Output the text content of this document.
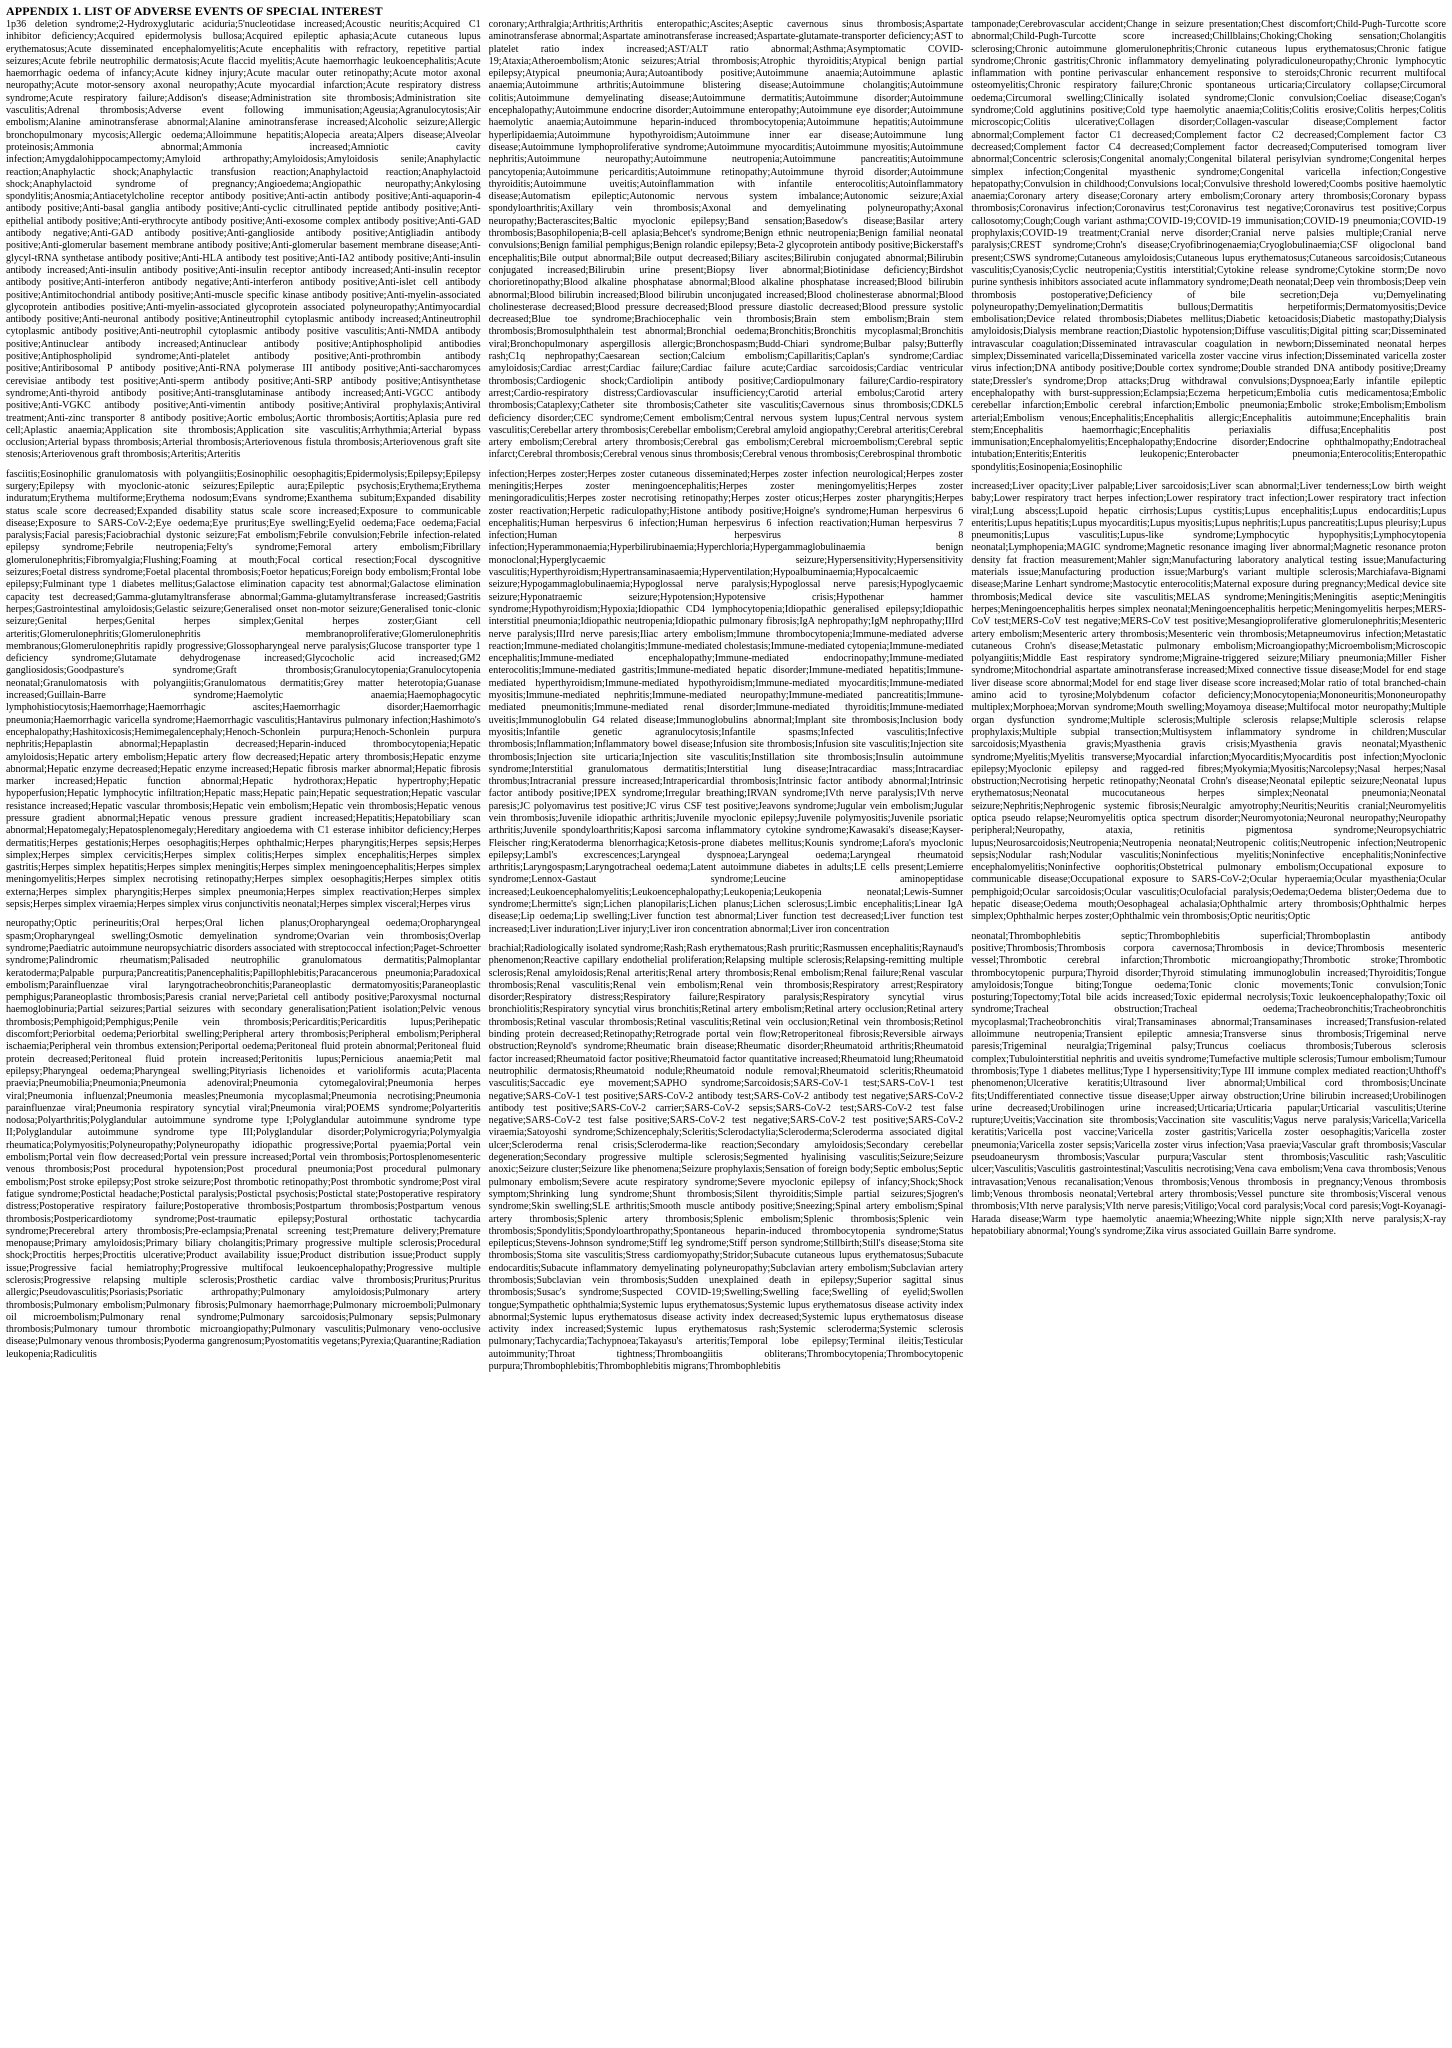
APPENDIX 1. LIST OF ADVERSE EVENTS OF SPECIAL INTEREST

1p36 deletion syndrome;2-Hydroxyglutaric aciduria;5'nucleotidase increased;Acoustic neuritis;Acquired C1 inhibitor deficiency;Acquired epidermolysis bullosa;Acquired epileptic aphasia;Acute cutaneous lupus erythematosus;Acute disseminated encephalomyelitis;Acute encephalitis with refractory, repetitive partial seizures;Acute febrile neutrophilic dermatosis;Acute flaccid myelitis;Acute haemorrhagic leukoencephalitis;Acute haemorrhagic oedema of infancy;Acute kidney injury;Acute macular outer retinopathy;Acute motor axonal neuropathy;Acute motor-sensory axonal neuropathy;Acute myocardial infarction;Acute respiratory distress syndrome;Acute respiratory failure;Addison's disease;Administration site thrombosis;Administration site vasculitis;Adrenal thrombosis;Adverse event following immunisation;Ageusia;Agranulocytosis;Air embolism;Alanine aminotransferase abnormal;Alanine aminotransferase increased;Alcoholic seizure;Allergic bronchopulmonary mycosis;Allergic oedema;Alloimmune hepatitis;Alopecia areata;Alpers disease;Alveolar proteinosis;Ammonia abnormal;Ammonia increased;Amniotic cavity infection;Amygdalohippocampectomy;Amyloid arthropathy;Amyloidosis;Amyloidosis senile;Anaphylactic reaction;Anaphylactic shock;Anaphylactic transfusion reaction;Anaphylactoid reaction;Anaphylactoid shock;Anaphylactoid syndrome of pregnancy;Angioedema;Angiopathic neuropathy;Ankylosing spondylitis;Anosmia;Antiacetylcholine receptor antibody positive;Anti-actin antibody positive;Anti-aquaporin-4 antibody positive;Anti-basal ganglia antibody positive;Anti-cyclic citrullinated peptide antibody positive;Anti-epithelial antibody positive;Anti-erythrocyte antibody positive;Anti-exosome complex antibody positive;Anti-GAD antibody negative;Anti-GAD antibody positive;Anti-ganglioside antibody positive;Antigliadin antibody positive;Anti-glomerular basement membrane antibody positive;Anti-glomerular basement membrane disease;Anti-glycyl-tRNA synthetase antibody positive;Anti-HLA antibody test positive;Anti-IA2 antibody positive;Anti-insulin antibody increased;Anti-insulin antibody positive;Anti-insulin receptor antibody increased;Anti-insulin receptor antibody positive;Anti-interferon antibody negative;Anti-interferon antibody positive;Anti-islet cell antibody positive;Antimitochondrial antibody positive;Anti-muscle specific kinase antibody positive;Anti-myelin-associated glycoprotein antibodies positive;Anti-myelin-associated glycoprotein associated polyneuropathy;Antimyocardial antibody positive;Anti-neuronal antibody positive;Antineutrophil cytoplasmic antibody increased;Antineutrophil cytoplasmic antibody positive;Anti-neutrophil cytoplasmic antibody positive vasculitis;Anti-NMDA antibody positive;Antinuclear antibody increased;Antinuclear antibody positive;Antiphospholipid antibodies positive;Antiphospholipid syndrome;Anti-platelet antibody positive;Anti-prothrombin antibody positive;Antiribosomal P antibody positive;Anti-RNA polymerase III antibody positive;Anti-saccharomyces cerevisiae antibody test positive;Anti-sperm antibody positive;Anti-SRP antibody positive;Antisynthetase syndrome;Anti-thyroid antibody positive;Anti-transglutaminase antibody increased;Anti-VGCC antibody positive;Anti-VGKC antibody positive;Anti-vimentin antibody positive;Antiviral prophylaxis;Antiviral treatment;Anti-zinc transporter 8 antibody positive;Aortic embolus;Aortic thrombosis;Aortitis;Aplasia pure red cell;Aplastic anaemia;Application site thrombosis;Application site vasculitis;Arrhythmia;Arterial bypass occlusion;Arterial bypass thrombosis;Arterial thrombosis;Arteriovenous fistula thrombosis;Arteriovenous graft site stenosis;Arteriovenous graft thrombosis;Arteritis;Arteritis

fasciitis;Eosinophilic granulomatosis with polyangiitis;Eosinophilic oesophagitis;Epidermolysis;Epilepsy;Epilepsy surgery;Epilepsy with myoclonic-atonic seizures;Epileptic aura;Epileptic psychosis;Erythema;Erythema induratum;Erythema multiforme;Erythema nodosum;Evans syndrome;Exanthema subitum;Expanded disability status scale score decreased;Expanded disability status scale score increased;Exposure to communicable disease;Exposure to SARS-CoV-2;Eye oedema;Eye pruritus;Eye swelling;Eyelid oedema;Face oedema;Facial paralysis;Facial paresis;Faciobrachial dystonic seizure;Fat embolism;Febrile convulsion;Febrile infection-related epilepsy syndrome;Febrile neutropenia;Felty's syndrome;Femoral artery embolism;Fibrillary glomerulonephritis;Fibromyalgia;Flushing;Foaming at mouth;Focal cortical resection;Focal dyscognitive seizures;Foetal distress syndrome;Foetal placental thrombosis;Foetor hepaticus;Foreign body embolism;Frontal lobe epilepsy;Fulminant type 1 diabetes mellitus;Galactose elimination capacity test abnormal;Galactose elimination capacity test decreased;Gamma-glutamyltransferase abnormal;Gamma-glutamyltransferase increased;Gastritis herpes;Gastrointestinal amyloidosis;Gelastic seizure;Generalised onset non-motor seizure;Generalised tonic-clonic seizure;Genital herpes;Genital herpes simplex;Genital herpes zoster;Giant cell arteritis;Glomerulonephritis;Glomerulonephritis membranoproliferative;Glomerulonephritis membranous;Glomerulonephritis rapidly progressive;Glossopharyngeal nerve paralysis;Glucose transporter type 1 deficiency syndrome;Glutamate dehydrogenase increased;Glycocholic acid increased;GM2 gangliosidosis;Goodpasture's syndrome;Graft thrombosis;Granulocytopenia;Granulocytopenia neonatal;Granulomatosis with polyangiitis;Granulomatous dermatitis;Grey matter heterotopia;Guanase increased;Guillain-Barre syndrome;Haemolytic anaemia;Haemophagocytic lymphohistiocytosis;Haemorrhage;Haemorrhagic ascites;Haemorrhagic disorder;Haemorrhagic pneumonia;Haemorrhagic varicella syndrome;Haemorrhagic vasculitis;Hantavirus pulmonary infection;Hashimoto's encephalopathy;Hashitoxicosis;Hemimegalencephaly;Henoch-Schonlein purpura;Henoch-Schonlein purpura nephritis;Hepaplastin abnormal;Hepaplastin decreased;Heparin-induced thrombocytopenia;Hepatic amyloidosis;Hepatic artery embolism;Hepatic artery flow decreased;Hepatic artery thrombosis;Hepatic enzyme abnormal;Hepatic enzyme decreased;Hepatic enzyme increased;Hepatic fibrosis marker abnormal;Hepatic fibrosis marker increased;Hepatic function abnormal;Hepatic hydrothorax;Hepatic hypertrophy;Hepatic hypoperfusion;Hepatic lymphocytic infiltration;Hepatic mass;Hepatic pain;Hepatic sequestration;Hepatic vascular resistance increased;Hepatic vascular thrombosis;Hepatic vein embolism;Hepatic vein thrombosis;Hepatic venous pressure gradient abnormal;Hepatic venous pressure gradient increased;Hepatitis;Hepatobiliary scan abnormal;Hepatomegaly;Hepatosplenomegaly;Hereditary angioedema with C1 esterase inhibitor deficiency;Herpes dermatitis;Herpes gestationis;Herpes oesophagitis;Herpes ophthalmic;Herpes pharyngitis;Herpes sepsis;Herpes simplex;Herpes simplex cervicitis;Herpes simplex colitis;Herpes simplex encephalitis;Herpes simplex gastritis;Herpes simplex hepatitis;Herpes simplex meningitis;Herpes simplex meningoencephalitis;Herpes simplex meningomyelitis;Herpes simplex necrotising retinopathy;Herpes simplex oesophagitis;Herpes simplex otitis externa;Herpes simplex pharyngitis;Herpes simplex pneumonia;Herpes simplex reactivation;Herpes simplex sepsis;Herpes simplex viraemia;Herpes simplex virus conjunctivitis neonatal;Herpes simplex visceral;Herpes virus

neuropathy;Optic perineuritis;Oral herpes;Oral lichen planus;Oropharyngeal oedema;Oropharyngeal spasm;Oropharyngeal swelling;Osmotic demyelination syndrome;Ovarian vein thrombosis;Overlap syndrome;Paediatric autoimmune neuropsychiatric disorders associated with streptococcal infection;Paget-Schroetter syndrome;Palindromic rheumatism;Palisaded neutrophilic granulomatous dermatitis;Palmoplantar keratoderma;Palpable purpura;Pancreatitis;Panencephalitis;Papillophlebitis;Paracancerous pneumonia;Paradoxical embolism;Parainfluenzae viral laryngotracheobronchitis;Paraneoplastic dermatomyositis;Paraneoplastic pemphigus;Paraneoplastic thrombosis;Paresis cranial nerve;Parietal cell antibody positive;Paroxysmal nocturnal haemoglobinuria;Partial seizures;Partial seizures with secondary generalisation;Patient isolation;Pelvic venous thrombosis;Pemphigoid;Pemphigus;Penile vein thrombosis;Pericarditis;Pericarditis lupus;Perihepatic discomfort;Periorbital oedema;Periorbital swelling;Peripheral artery thrombosis;Peripheral embolism;Peripheral ischaemia;Peripheral vein thrombus extension;Periportal oedema;Peritoneal fluid protein abnormal;Peritoneal fluid protein decreased;Peritoneal fluid protein increased;Peritonitis lupus;Pernicious anaemia;Petit mal epilepsy;Pharyngeal oedema;Pharyngeal swelling;Pityriasis lichenoides et varioliformis acuta;Placenta praevia;Pneumobilia;Pneumonia;Pneumonia adenoviral;Pneumonia cytomegaloviral;Pneumonia herpes viral;Pneumonia influenzal;Pneumonia measles;Pneumonia mycoplasmal;Pneumonia necrotising;Pneumonia parainfluenzae viral;Pneumonia respiratory syncytial viral;Pneumonia viral;POEMS syndrome;Polyarteritis nodosa;Polyarthritis;Polyglandular autoimmune syndrome type I;Polyglandular autoimmune syndrome type II;Polyglandular autoimmune syndrome type III;Polyglandular disorder;Polymicrogyria;Polymyalgia rheumatica;Polymyositis;Polyneuropathy;Polyneuropathy idiopathic progressive;Portal pyaemia;Portal vein embolism;Portal vein flow decreased;Portal vein pressure increased;Portal vein thrombosis;Portosplenomesenteric venous thrombosis;Post procedural hypotension;Post procedural pneumonia;Post procedural pulmonary embolism;Post stroke epilepsy;Post stroke seizure;Post thrombotic retinopathy;Post thrombotic syndrome;Post viral fatigue syndrome;Postictal headache;Postictal paralysis;Postictal psychosis;Postictal state;Postoperative respiratory distress;Postoperative respiratory failure;Postoperative thrombosis;Postpartum thrombosis;Postpartum venous thrombosis;Postpericardiotomy syndrome;Post-traumatic epilepsy;Postural orthostatic tachycardia syndrome;Precerebral artery thrombosis;Pre-eclampsia;Prenatal screening test;Premature delivery;Premature menopause;Primary amyloidosis;Primary biliary cholangitis;Primary progressive multiple sclerosis;Procedural shock;Proctitis herpes;Proctitis ulcerative;Product availability issue;Product distribution issue;Product supply issue;Progressive facial hemiatrophy;Progressive multifocal leukoencephalopathy;Progressive multiple sclerosis;Progressive relapsing multiple sclerosis;Prosthetic cardiac valve thrombosis;Pruritus;Pruritus allergic;Pseudovasculitis;Psoriasis;Psoriatic arthropathy;Pulmonary amyloidosis;Pulmonary artery thrombosis;Pulmonary embolism;Pulmonary fibrosis;Pulmonary haemorrhage;Pulmonary microemboli;Pulmonary oil microembolism;Pulmonary renal syndrome;Pulmonary sarcoidosis;Pulmonary sepsis;Pulmonary thrombosis;Pulmonary tumour thrombotic microangiopathy;Pulmonary vasculitis;Pulmonary veno-occlusive disease;Pulmonary venous thrombosis;Pyoderma gangrenosum;Pyostomatitis vegetans;Pyrexia;Quarantine;Radiation leukopenia;Radiculitis

coronary;Arthralgia;Arthritis;Arthritis enteropathic;Ascites;Aseptic cavernous sinus thrombosis;Aspartate aminotransferase abnormal;Aspartate aminotransferase increased;Aspartate-glutamate-transporter deficiency;AST to platelet ratio index increased;AST/ALT ratio abnormal;Asthma;Asymptomatic COVID-19;Ataxia;Atheroembolism;Atonic seizures;Atrial thrombosis;Atrophic thyroiditis;Atypical benign partial epilepsy;Atypical pneumonia;Aura;Autoantibody positive;Autoimmune anaemia;Autoimmune aplastic anaemia;Autoimmune arthritis;Autoimmune blistering disease;Autoimmune cholangitis;Autoimmune colitis;Autoimmune demyelinating disease;Autoimmune dermatitis;Autoimmune disorder;Autoimmune encephalopathy;Autoimmune endocrine disorder;Autoimmune enteropathy;Autoimmune eye disorder;Autoimmune haemolytic anaemia;Autoimmune heparin-induced thrombocytopenia;Autoimmune hepatitis;Autoimmune hyperlipidaemia;Autoimmune hypothyroidism;Autoimmune inner ear disease;Autoimmune lung disease;Autoimmune lymphoproliferative syndrome;Autoimmune myocarditis;Autoimmune myositis;Autoimmune nephritis;Autoimmune neuropathy;Autoimmune neutropenia;Autoimmune pancreatitis;Autoimmune pancytopenia;Autoimmune pericarditis;Autoimmune retinopathy;Autoimmune thyroid disorder;Autoimmune thyroiditis;Autoimmune uveitis;Autoinflammation with infantile enterocolitis;Autoinflammatory disease;Automatism epileptic;Autonomic nervous system imbalance;Autonomic seizure;Axial spondyloarthritis;Axillary vein thrombosis;Axonal and demyelinating polyneuropathy;Axonal neuropathy;Bacterascites;Baltic myoclonic epilepsy;Band sensation;Basedow's disease;Basilar artery thrombosis;Basophilopenia;B-cell aplasia;Behcet's syndrome;Benign ethnic neutropenia;Benign familial neonatal convulsions;Benign familial pemphigus;Benign rolandic epilepsy;Beta-2 glycoprotein antibody positive;Bickerstaff's encephalitis;Bile output abnormal;Bile output decreased;Biliary ascites;Bilirubin conjugated abnormal;Bilirubin conjugated increased;Bilirubin urine present;Biopsy liver abnormal;Biotinidase deficiency;Birdshot chorioretinopathy;Blood alkaline phosphatase abnormal;Blood alkaline phosphatase increased;Blood bilirubin abnormal;Blood bilirubin increased;Blood bilirubin unconjugated increased;Blood cholinesterase abnormal;Blood cholinesterase decreased;Blood pressure decreased;Blood pressure diastolic decreased;Blood pressure systolic decreased;Blue toe syndrome;Brachiocephalic vein thrombosis;Brain stem embolism;Brain stem thrombosis;Bromosulphthalein test abnormal;Bronchial oedema;Bronchitis;Bronchitis mycoplasmal;Bronchitis viral;Bronchopulmonary aspergillosis allergic;Bronchospasm;Budd-Chiari syndrome;Bulbar palsy;Butterfly rash;C1q nephropathy;Caesarean section;Calcium embolism;Capillaritis;Caplan's syndrome;Cardiac amyloidosis;Cardiac arrest;Cardiac failure;Cardiac failure acute;Cardiac sarcoidosis;Cardiac ventricular thrombosis;Cardiogenic shock;Cardiolipin antibody positive;Cardiopulmonary failure;Cardio-respiratory arrest;Cardio-respiratory distress;Cardiovascular insufficiency;Carotid arterial embolus;Carotid artery thrombosis;Cataplexy;Catheter site thrombosis;Catheter site vasculitis;Cavernous sinus thrombosis;CDKL5 deficiency disorder;CEC syndrome;Cement embolism;Central nervous system lupus;Central nervous system vasculitis;Cerebellar artery thrombosis;Cerebellar embolism;Cerebral amyloid angiopathy;Cerebral arteritis;Cerebral artery embolism;Cerebral artery thrombosis;Cerebral gas embolism;Cerebral microembolism;Cerebral septic infarct;Cerebral thrombosis;Cerebral venous sinus thrombosis;Cerebral venous thrombosis;Cerebrospinal thrombotic

infection;Herpes zoster;Herpes zoster cutaneous disseminated;Herpes zoster infection neurological;Herpes zoster meningitis;Herpes zoster meningoencephalitis;Herpes zoster meningomyelitis;Herpes zoster meningoradiculitis;Herpes zoster necrotising retinopathy;Herpes zoster oticus;Herpes zoster pharyngitis;Herpes zoster reactivation;Herpetic radiculopathy;Histone antibody positive;Hoigne's syndrome;Human herpesvirus 6 encephalitis;Human herpesvirus 6 infection;Human herpesvirus 6 infection reactivation;Human herpesvirus 7 infection;Human herpesvirus 8 infection;Hyperammonaemia;Hyperbilirubinaemia;Hyperchloria;Hypergammaglobulinaemia benign monoclonal;Hyperglycaemic seizure;Hypersensitivity;Hypersensitivity vasculitis;Hyperthyroidism;Hypertransaminasaemia;Hyperventilation;Hypoalbuminaemia;Hypocalcaemic seizure;Hypogammaglobulinaemia;Hypoglossal nerve paralysis;Hypoglossal nerve paresis;Hypoglycaemic seizure;Hyponatraemic seizure;Hypotension;Hypotensive crisis;Hypothenar hammer syndrome;Hypothyroidism;Hypoxia;Idiopathic CD4 lymphocytopenia;Idiopathic generalised epilepsy;Idiopathic interstitial pneumonia;Idiopathic neutropenia;Idiopathic pulmonary fibrosis;IgA nephropathy;IgM nephropathy;IIIrd nerve paralysis;IIIrd nerve paresis;Iliac artery embolism;Immune thrombocytopenia;Immune-mediated adverse reaction;Immune-mediated cholangitis;Immune-mediated cholestasis;Immune-mediated cytopenia;Immune-mediated encephalitis;Immune-mediated encephalopathy;Immune-mediated endocrinopathy;Immune-mediated enterocolitis;Immune-mediated gastritis;Immune-mediated hepatic disorder;Immune-mediated hepatitis;Immune-mediated hyperthyroidism;Immune-mediated hypothyroidism;Immune-mediated myocarditis;Immune-mediated myositis;Immune-mediated nephritis;Immune-mediated neuropathy;Immune-mediated pancreatitis;Immune-mediated pneumonitis;Immune-mediated renal disorder;Immune-mediated thyroiditis;Immune-mediated uveitis;Immunoglobulin G4 related disease;Immunoglobulins abnormal;Implant site thrombosis;Inclusion body myositis;Infantile genetic agranulocytosis;Infantile spasms;Infected vasculitis;Infective thrombosis;Inflammation;Inflammatory bowel disease;Infusion site thrombosis;Infusion site vasculitis;Injection site thrombosis;Injection site urticaria;Injection site vasculitis;Instillation site thrombosis;Insulin autoimmune syndrome;Interstitial granulomatous dermatitis;Interstitial lung disease;Intracardiac mass;Intracardiac thrombus;Intracranial pressure increased;Intrapericardial thrombosis;Intrinsic factor antibody abnormal;Intrinsic factor antibody positive;IPEX syndrome;Irregular breathing;IRVAN syndrome;IVth nerve paralysis;IVth nerve paresis;JC polyomavirus test positive;JC virus CSF test positive;Jeavons syndrome;Jugular vein embolism;Jugular vein thrombosis;Juvenile idiopathic arthritis;Juvenile myoclonic epilepsy;Juvenile polymyositis;Juvenile psoriatic arthritis;Juvenile spondyloarthritis;Kaposi sarcoma inflammatory cytokine syndrome;Kawasaki's disease;Kayser-Fleischer ring;Keratoderma blenorrhagica;Ketosis-prone diabetes mellitus;Kounis syndrome;Lafora's myoclonic epilepsy;Lambl's excrescences;Laryngeal dyspnoea;Laryngeal oedema;Laryngeal rheumatoid arthritis;Laryngospasm;Laryngotracheal oedema;Latent autoimmune diabetes in adults;LE cells present;Lemierre syndrome;Lennox-Gastaut syndrome;Leucine aminopeptidase increased;Leukoencephalomyelitis;Leukoencephalopathy;Leukopenia;Leukopenia neonatal;Lewis-Sumner syndrome;Lhermitte's sign;Lichen planopilaris;Lichen planus;Lichen sclerosus;Limbic encephalitis;Linear IgA disease;Lip oedema;Lip swelling;Liver function test abnormal;Liver function test decreased;Liver function test increased;Liver induration;Liver injury;Liver iron concentration abnormal;Liver iron concentration

brachial;Radiologically isolated syndrome;Rash;Rash erythematous;Rash pruritic;Rasmussen encephalitis;Raynaud's phenomenon;Reactive capillary endothelial proliferation;Relapsing multiple sclerosis;Relapsing-remitting multiple sclerosis;Renal amyloidosis;Renal arteritis;Renal artery thrombosis;Renal embolism;Renal failure;Renal vascular thrombosis;Renal vasculitis;Renal vein embolism;Renal vein thrombosis;Respiratory arrest;Respiratory disorder;Respiratory distress;Respiratory failure;Respiratory paralysis;Respiratory syncytial virus bronchiolitis;Respiratory syncytial virus bronchitis;Retinal artery embolism;Retinal artery occlusion;Retinal artery thrombosis;Retinal vascular thrombosis;Retinal vasculitis;Retinal vein occlusion;Retinal vein thrombosis;Retinol binding protein decreased;Retinopathy;Retrograde portal vein flow;Retroperitoneal fibrosis;Reversible airways obstruction;Reynold's syndrome;Rheumatic brain disease;Rheumatic disorder;Rheumatoid arthritis;Rheumatoid factor increased;Rheumatoid factor positive;Rheumatoid factor quantitative increased;Rheumatoid lung;Rheumatoid neutrophilic dermatosis;Rheumatoid nodule;Rheumatoid nodule removal;Rheumatoid scleritis;Rheumatoid vasculitis;Saccadic eye movement;SAPHO syndrome;Sarcoidosis;SARS-CoV-1 test;SARS-CoV-1 test negative;SARS-CoV-1 test positive;SARS-CoV-2 antibody test;SARS-CoV-2 antibody test negative;SARS-CoV-2 antibody test positive;SARS-CoV-2 carrier;SARS-CoV-2 sepsis;SARS-CoV-2 test;SARS-CoV-2 test false negative;SARS-CoV-2 test false positive;SARS-CoV-2 test negative;SARS-CoV-2 test positive;SARS-CoV-2 viraemia;Satoyoshi syndrome;Schizencephaly;Scleritis;Sclerodactylia;Scleroderma;Scleroderma associated digital ulcer;Scleroderma renal crisis;Scleroderma-like reaction;Secondary amyloidosis;Secondary cerebellar degeneration;Secondary progressive multiple sclerosis;Segmented hyalinising vasculitis;Seizure;Seizure anoxic;Seizure cluster;Seizure like phenomena;Seizure prophylaxis;Sensation of foreign body;Septic embolus;Septic pulmonary embolism;Severe acute respiratory syndrome;Severe myoclonic epilepsy of infancy;Shock;Shock symptom;Shrinking lung syndrome;Shunt thrombosis;Silent thyroiditis;Simple partial seizures;Sjogren's syndrome;Skin swelling;SLE arthritis;Smooth muscle antibody positive;Sneezing;Spinal artery embolism;Spinal artery thrombosis;Splenic artery thrombosis;Splenic embolism;Splenic thrombosis;Splenic vein thrombosis;Spondylitis;Spondyloarthropathy;Spontaneous heparin-induced thrombocytopenia syndrome;Status epilepticus;Stevens-Johnson syndrome;Stiff leg syndrome;Stiff person syndrome;Stillbirth;Still's disease;Stoma site thrombosis;Stoma site vasculitis;Stress cardiomyopathy;Stridor;Subacute cutaneous lupus erythematosus;Subacute endocarditis;Subacute inflammatory demyelinating polyneuropathy;Subclavian artery embolism;Subclavian artery thrombosis;Subclavian vein thrombosis;Sudden unexplained death in epilepsy;Superior sagittal sinus thrombosis;Susac's syndrome;Suspected COVID-19;Swelling;Swelling face;Swelling of eyelid;Swollen tongue;Sympathetic ophthalmia;Systemic lupus erythematosus;Systemic lupus erythematosus disease activity index abnormal;Systemic lupus erythematosus disease activity index decreased;Systemic lupus erythematosus disease activity index increased;Systemic lupus erythematosus rash;Systemic scleroderma;Systemic sclerosis pulmonary;Tachycardia;Tachypnoea;Takayasu's arteritis;Temporal lobe epilepsy;Terminal ileitis;Testicular autoimmunity;Throat tightness;Thromboangiitis obliterans;Thrombocytopenia;Thrombocytopenic purpura;Thrombophlebitis;Thrombophlebitis migrans;Thrombophlebitis

tamponade;Cerebrovascular accident;Change in seizure presentation;Chest discomfort;Child-Pugh-Turcotte score abnormal;Child-Pugh-Turcotte score increased;Chillblains;Choking;Choking sensation;Cholangitis sclerosing;Chronic autoimmune glomerulonephritis;Chronic cutaneous lupus erythematosus;Chronic fatigue syndrome;Chronic gastritis;Chronic inflammatory demyelinating polyradiculoneuropathy;Chronic lymphocytic inflammation with pontine perivascular enhancement responsive to steroids;Chronic recurrent multifocal osteomyelitis;Chronic respiratory failure;Chronic spontaneous urticaria;Circulatory collapse;Circumoral oedema;Circumoral swelling;Clinically isolated syndrome;Clonic convulsion;Coeliac disease;Cogan's syndrome;Cold agglutinins positive;Cold type haemolytic anaemia;Colitis;Colitis erosive;Colitis herpes;Colitis microscopic;Colitis ulcerative;Collagen disorder;Collagen-vascular disease;Complement factor abnormal;Complement factor C1 decreased;Complement factor C2 decreased;Complement factor C3 decreased;Complement factor C4 decreased;Complement factor decreased;Computerised tomogram liver abnormal;Concentric sclerosis;Congenital anomaly;Congenital bilateral perisylvian syndrome;Congenital herpes simplex infection;Congenital myasthenic syndrome;Congenital varicella infection;Congestive hepatopathy;Convulsion in childhood;Convulsions local;Convulsive threshold lowered;Coombs positive haemolytic anaemia;Coronary artery disease;Coronary artery embolism;Coronary artery thrombosis;Coronary bypass thrombosis;Coronavirus infection;Coronavirus test;Coronavirus test negative;Coronavirus test positive;Corpus callosotomy;Cough;Cough variant asthma;COVID-19;COVID-19 immunisation;COVID-19 pneumonia;COVID-19 prophylaxis;COVID-19 treatment;Cranial nerve disorder;Cranial nerve palsies multiple;Cranial nerve paralysis;CREST syndrome;Crohn's disease;Cryofibrinogenaemia;Cryoglobulinaemia;CSF oligoclonal band present;CSWS syndrome;Cutaneous amyloidosis;Cutaneous lupus erythematosus;Cutaneous sarcoidosis;Cutaneous vasculitis;Cyanosis;Cyclic neutropenia;Cystitis interstitial;Cytokine release syndrome;Cytokine storm;De novo purine synthesis inhibitors associated acute inflammatory syndrome;Death neonatal;Deep vein thrombosis;Deep vein thrombosis postoperative;Deficiency of bile secretion;Deja vu;Demyelinating polyneuropathy;Demyelination;Dermatitis bullous;Dermatitis herpetiformis;Dermatomyositis;Device embolisation;Device related thrombosis;Diabetes mellitus;Diabetic ketoacidosis;Diabetic mastopathy;Dialysis amyloidosis;Dialysis membrane reaction;Diastolic hypotension;Diffuse vasculitis;Digital pitting scar;Disseminated intravascular coagulation;Disseminated intravascular coagulation in newborn;Disseminated neonatal herpes simplex;Disseminated varicella;Disseminated varicella zoster vaccine virus infection;Disseminated varicella zoster virus infection;DNA antibody positive;Double cortex syndrome;Double stranded DNA antibody positive;Dreamy state;Dressler's syndrome;Drop attacks;Drug withdrawal convulsions;Dyspnoea;Early infantile epileptic encephalopathy with burst-suppression;Eclampsia;Eczema herpeticum;Embolia cutis medicamentosa;Embolic cerebellar infarction;Embolic cerebral infarction;Embolic pneumonia;Embolic stroke;Embolism;Embolism arterial;Embolism venous;Encephalitis;Encephalitis allergic;Encephalitis autoimmune;Encephalitis brain stem;Encephalitis haemorrhagic;Encephalitis periaxialis diffusa;Encephalitis post immunisation;Encephalomyelitis;Encephalopathy;Endocrine disorder;Endocrine ophthalmopathy;Endotracheal intubation;Enteritis;Enteritis leukopenic;Enterobacter pneumonia;Enterocolitis;Enteropathic spondylitis;Eosinopenia;Eosinophilic

increased;Liver opacity;Liver palpable;Liver sarcoidosis;Liver scan abnormal;Liver tenderness;Low birth weight baby;Lower respiratory tract herpes infection;Lower respiratory tract infection;Lower respiratory tract infection viral;Lung abscess;Lupoid hepatic cirrhosis;Lupus cystitis;Lupus encephalitis;Lupus endocarditis;Lupus enteritis;Lupus hepatitis;Lupus myocarditis;Lupus myositis;Lupus nephritis;Lupus pancreatitis;Lupus pleurisy;Lupus pneumonitis;Lupus vasculitis;Lupus-like syndrome;Lymphocytic hypophysitis;Lymphocytopenia neonatal;Lymphopenia;MAGIC syndrome;Magnetic resonance imaging liver abnormal;Magnetic resonance proton density fat fraction measurement;Mahler sign;Manufacturing laboratory analytical testing issue;Manufacturing materials issue;Manufacturing production issue;Marburg's variant multiple sclerosis;Marchiafava-Bignami disease;Marine Lenhart syndrome;Mastocytic enterocolitis;Maternal exposure during pregnancy;Medical device site thrombosis;Medical device site vasculitis;MELAS syndrome;Meningitis;Meningitis aseptic;Meningitis herpes;Meningoencephalitis herpes simplex neonatal;Meningoencephalitis herpetic;Meningomyelitis herpes;MERS-CoV test;MERS-CoV test negative;MERS-CoV test positive;Mesangioproliferative glomerulonephritis;Mesenteric artery embolism;Mesenteric artery thrombosis;Mesenteric vein thrombosis;Metapneumovirus infection;Metastatic cutaneous Crohn's disease;Metastatic pulmonary embolism;Microangiopathy;Microembolism;Microscopic polyangiitis;Middle East respiratory syndrome;Migraine-triggered seizure;Miliary pneumonia;Miller Fisher syndrome;Mitochondrial aspartate aminotransferase increased;Mixed connective tissue disease;Model for end stage liver disease score abnormal;Model for end stage liver disease score increased;Molar ratio of total branched-chain amino acid to tyrosine;Molybdenum cofactor deficiency;Monocytopenia;Mononeuritis;Mononeuropathy multiplex;Morphoea;Morvan syndrome;Mouth swelling;Moyamoya disease;Multifocal motor neuropathy;Multiple organ dysfunction syndrome;Multiple sclerosis;Multiple sclerosis relapse;Multiple sclerosis relapse prophylaxis;Multiple subpial transection;Multisystem inflammatory syndrome in children;Muscular sarcoidosis;Myasthenia gravis;Myasthenia gravis crisis;Myasthenia gravis neonatal;Myasthenic syndrome;Myelitis;Myelitis transverse;Myocardial infarction;Myocarditis;Myocarditis post infection;Myoclonic epilepsy;Myoclonic epilepsy and ragged-red fibres;Myokymia;Myositis;Narcolepsy;Nasal herpes;Nasal obstruction;Necrotising herpetic retinopathy;Neonatal Crohn's disease;Neonatal epileptic seizure;Neonatal lupus erythematosus;Neonatal mucocutaneous herpes simplex;Neonatal pneumonia;Neonatal seizure;Nephritis;Nephrogenic systemic fibrosis;Neuralgic amyotrophy;Neuritis;Neuritis cranial;Neuromyelitis optica pseudo relapse;Neuromyelitis optica spectrum disorder;Neuromyotonia;Neuronal neuropathy;Neuropathy peripheral;Neuropathy, ataxia, retinitis pigmentosa syndrome;Neuropsychiatric lupus;Neurosarcoidosis;Neutropenia;Neutropenia neonatal;Neutropenic colitis;Neutropenic infection;Neutropenic sepsis;Nodular rash;Nodular vasculitis;Noninfectious myelitis;Noninfective encephalitis;Noninfective encephalomyelitis;Noninfective oophoritis;Obstetrical pulmonary embolism;Occupational exposure to communicable disease;Occupational exposure to SARS-CoV-2;Ocular hyperaemia;Ocular myasthenia;Ocular pemphigoid;Ocular sarcoidosis;Ocular vasculitis;Oculofacial paralysis;Oedema;Oedema blister;Oedema due to hepatic disease;Oedema mouth;Oesophageal achalasia;Ophthalmic artery thrombosis;Ophthalmic herpes simplex;Ophthalmic herpes zoster;Ophthalmic vein thrombosis;Optic neuritis;Optic

neonatal;Thrombophlebitis septic;Thrombophlebitis superficial;Thromboplastin antibody positive;Thrombosis;Thrombosis corpora cavernosa;Thrombosis in device;Thrombosis mesenteric vessel;Thrombotic cerebral infarction;Thrombotic microangiopathy;Thrombotic stroke;Thrombotic thrombocytopenic purpura;Thyroid disorder;Thyroid stimulating immunoglobulin increased;Thyroiditis;Tongue amyloidosis;Tongue biting;Tongue oedema;Tonic clonic movements;Tonic convulsion;Tonic posturing;Topectomy;Total bile acids increased;Toxic epidermal necrolysis;Toxic leukoencephalopathy;Toxic oil syndrome;Tracheal obstruction;Tracheal oedema;Tracheobronchitis;Tracheobronchitis mycoplasmal;Tracheobronchitis viral;Transaminases abnormal;Transaminases increased;Transfusion-related alloimmune neutropenia;Transient epileptic amnesia;Transverse sinus thrombosis;Trigeminal nerve paresis;Trigeminal neuralgia;Trigeminal palsy;Truncus coeliacus thrombosis;Tuberous sclerosis complex;Tubulointerstitial nephritis and uveitis syndrome;Tumefactive multiple sclerosis;Tumour embolism;Tumour thrombosis;Type 1 diabetes mellitus;Type I hypersensitivity;Type III immune complex mediated reaction;Uhthoff's phenomenon;Ulcerative keratitis;Ultrasound liver abnormal;Umbilical cord thrombosis;Uncinate fits;Undifferentiated connective tissue disease;Upper airway obstruction;Urine bilirubin increased;Urobilinogen urine decreased;Urobilinogen urine increased;Urticaria;Urticaria papular;Urticarial vasculitis;Uterine rupture;Uveitis;Vaccination site thrombosis;Vaccination site vasculitis;Vagus nerve paralysis;Varicella;Varicella keratitis;Varicella post vaccine;Varicella zoster gastritis;Varicella zoster oesophagitis;Varicella zoster pneumonia;Varicella zoster sepsis;Varicella zoster virus infection;Vasa praevia;Vascular graft thrombosis;Vascular pseudoaneurysm thrombosis;Vascular purpura;Vascular stent thrombosis;Vasculitic rash;Vasculitic ulcer;Vasculitis;Vasculitis gastrointestinal;Vasculitis necrotising;Vena cava embolism;Vena cava thrombosis;Venous intravasation;Venous recanalisation;Venous thrombosis;Venous thrombosis in pregnancy;Venous thrombosis limb;Venous thrombosis neonatal;Vertebral artery thrombosis;Vessel puncture site thrombosis;Visceral venous thrombosis;VIth nerve paralysis;VIth nerve paresis;Vitiligo;Vocal cord paralysis;Vocal cord paresis;Vogt-Koyanagi-Harada disease;Warm type haemolytic anaemia;Wheezing;White nipple sign;XIth nerve paralysis;X-ray hepatobiliary abnormal;Young's syndrome;Zika virus associated Guillain Barre syndrome.
